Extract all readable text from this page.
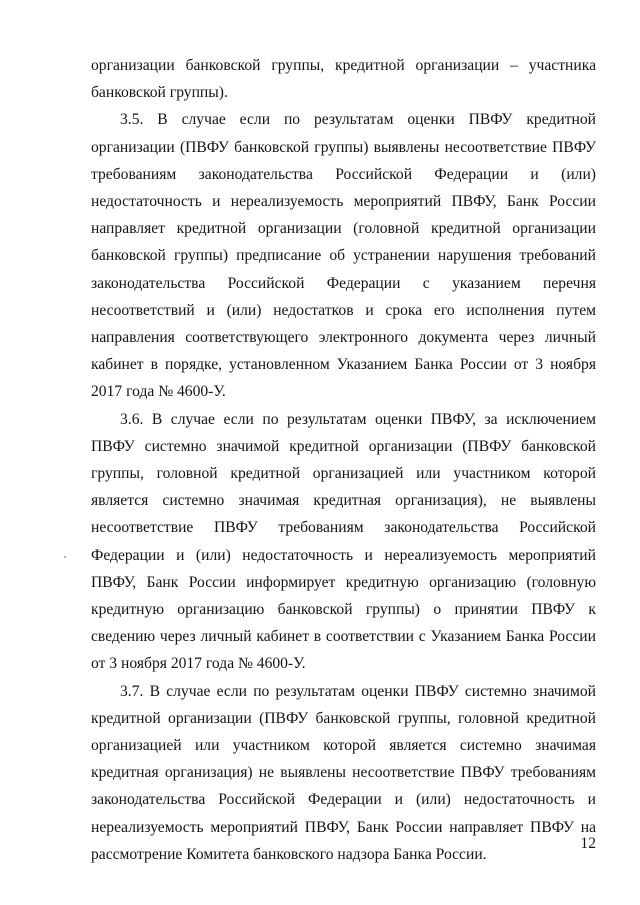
организации банковской группы, кредитной организации – участника банковской группы).

3.5. В случае если по результатам оценки ПВФУ кредитной организации (ПВФУ банковской группы) выявлены несоответствие ПВФУ требованиям законодательства Российской Федерации и (или) недостаточность и нереализуемость мероприятий ПВФУ, Банк России направляет кредитной организации (головной кредитной организации банковской группы) предписание об устранении нарушения требований законодательства Российской Федерации с указанием перечня несоответствий и (или) недостатков и срока его исполнения путем направления соответствующего электронного документа через личный кабинет в порядке, установленном Указанием Банка России от 3 ноября 2017 года № 4600-У.

3.6. В случае если по результатам оценки ПВФУ, за исключением ПВФУ системно значимой кредитной организации (ПВФУ банковской группы, головной кредитной организацией или участником которой является системно значимая кредитная организация), не выявлены несоответствие ПВФУ требованиям законодательства Российской Федерации и (или) недостаточность и нереализуемость мероприятий ПВФУ, Банк России информирует кредитную организацию (головную кредитную организацию банковской группы) о принятии ПВФУ к сведению через личный кабинет в соответствии с Указанием Банка России от 3 ноября 2017 года № 4600-У.

3.7. В случае если по результатам оценки ПВФУ системно значимой кредитной организации (ПВФУ банковской группы, головной кредитной организацией или участником которой является системно значимая кредитная организация) не выявлены несоответствие ПВФУ требованиям законодательства Российской Федерации и (или) недостаточность и нереализуемость мероприятий ПВФУ, Банк России направляет ПВФУ на рассмотрение Комитета банковского надзора Банка России.

12
